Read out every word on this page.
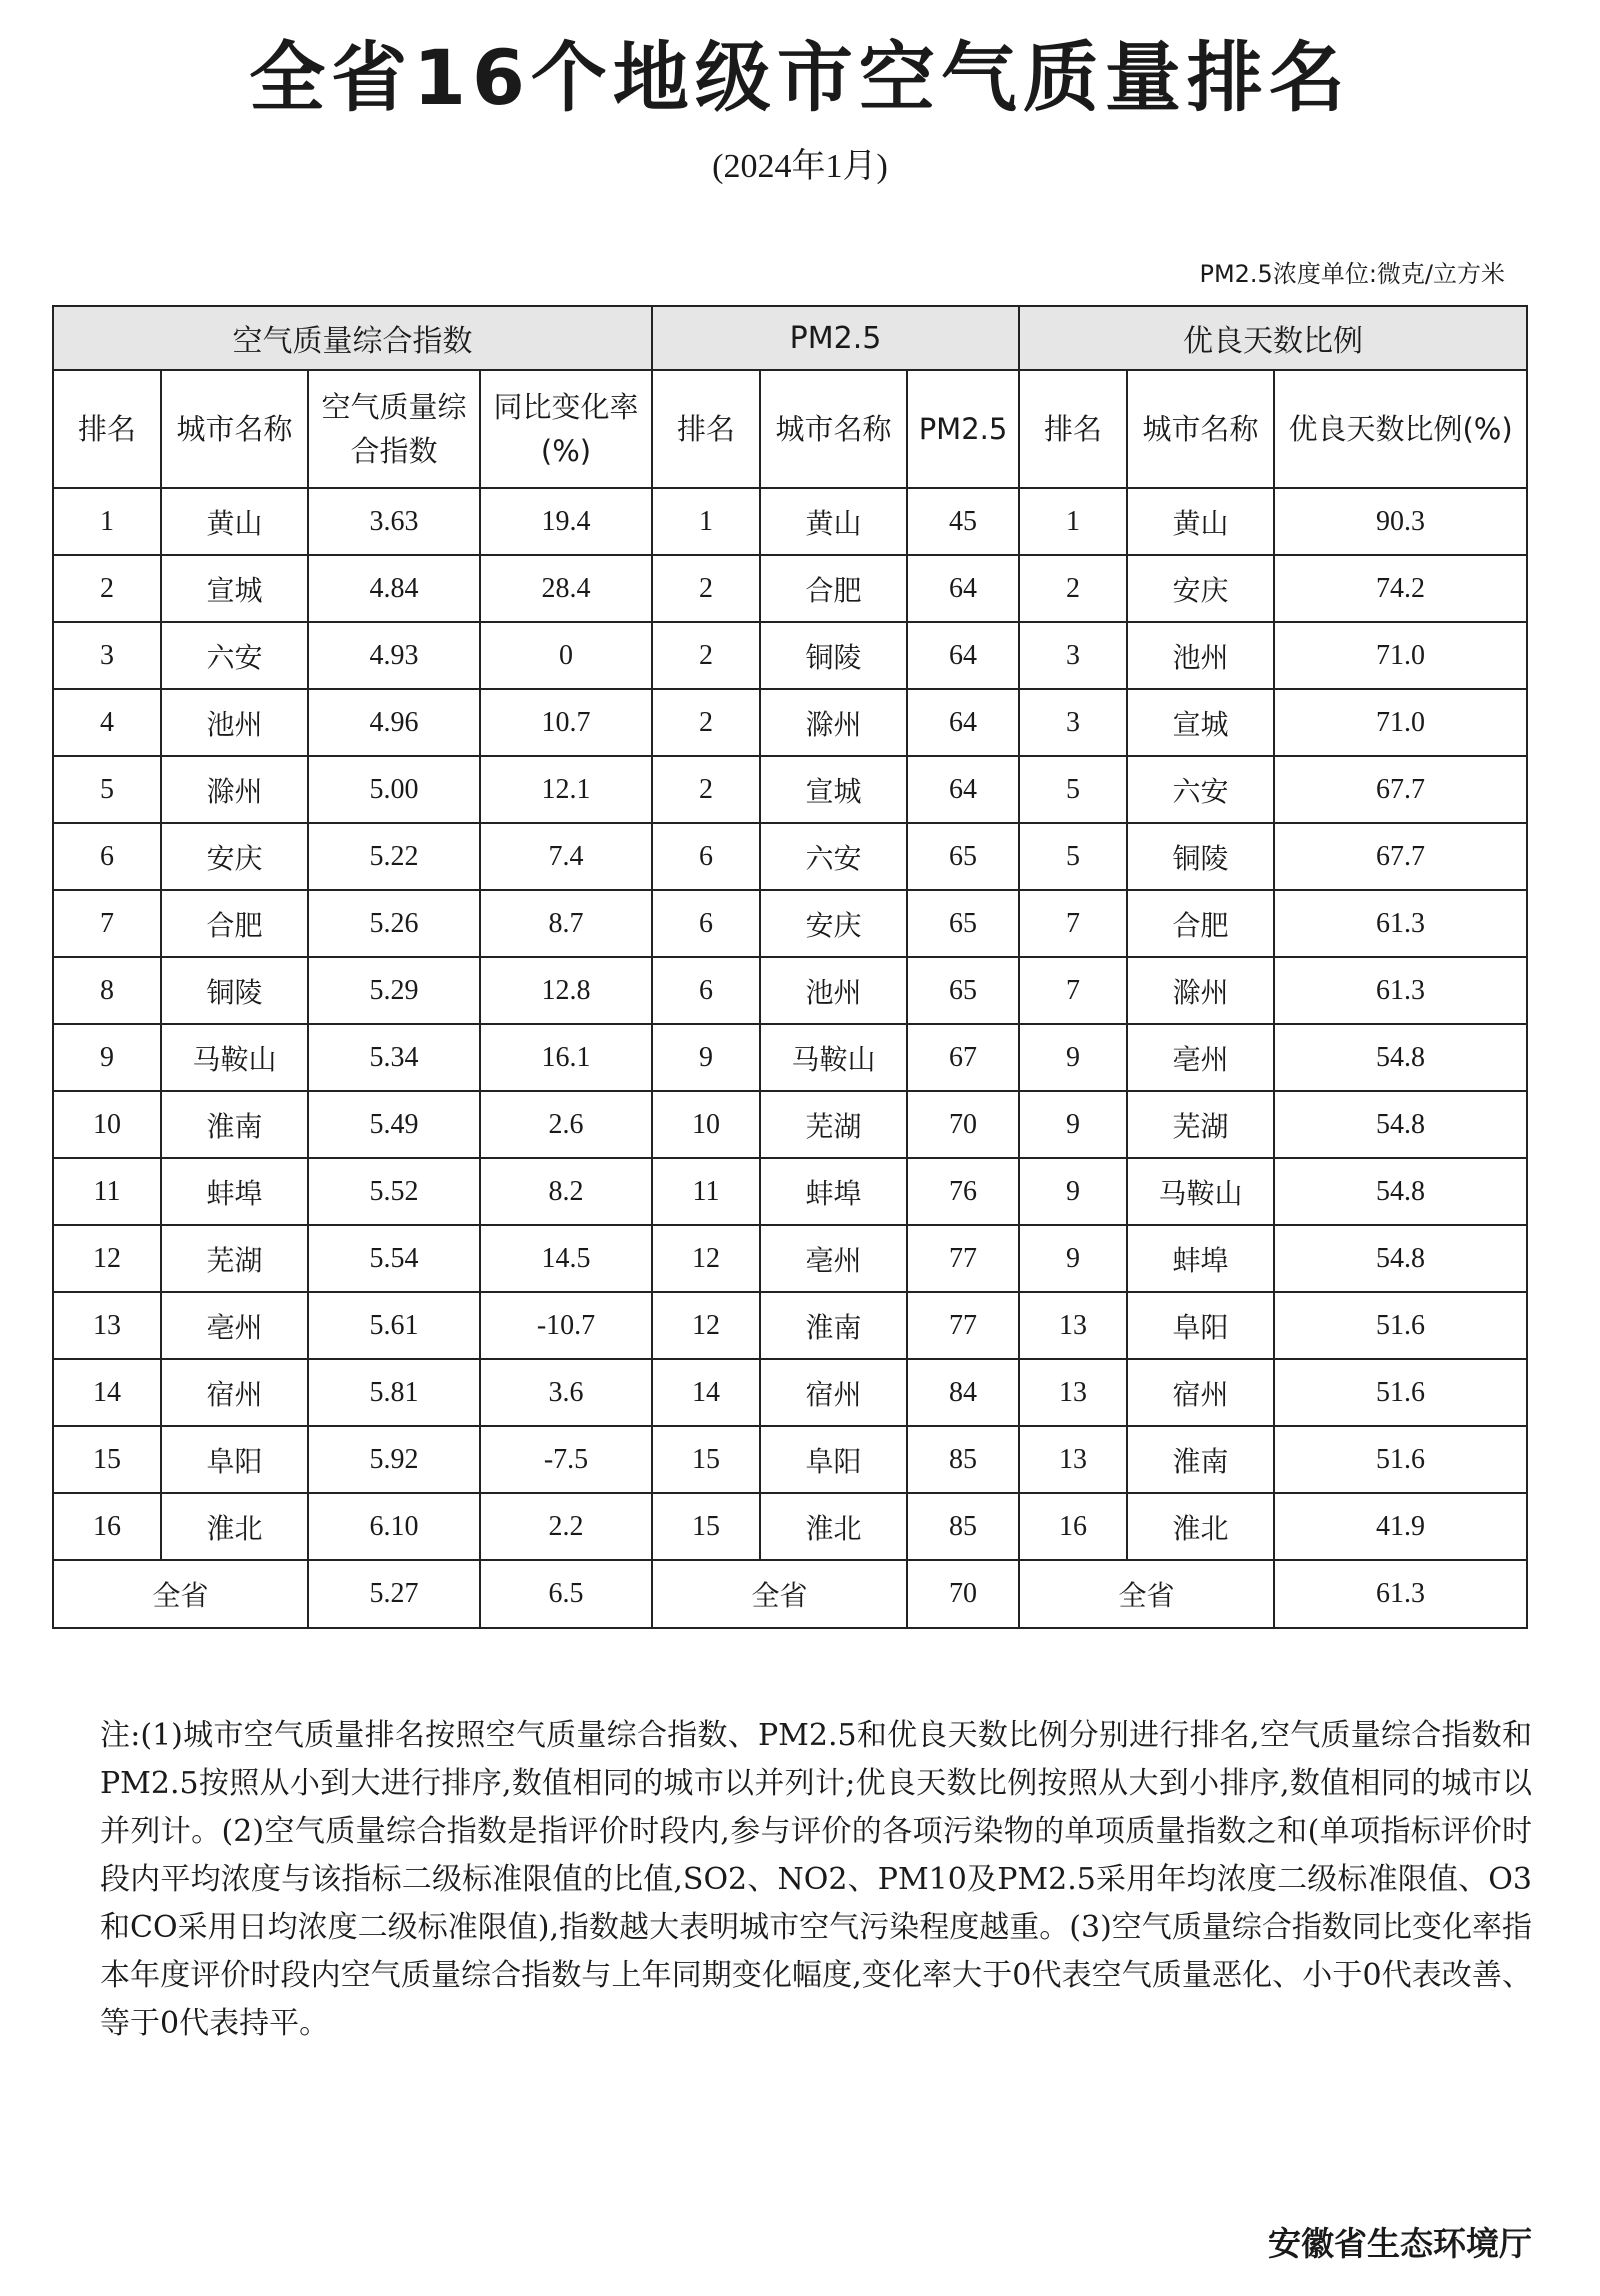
全省16个地级市空气质量排名
(2024年1月)
PM2.5浓度单位:微克/立方米
空气质量综合指数				PM2.5			优良天数比例		
排名	城市名称	空气质量综合指数	同比变化率(%)	排名	城市名称	PM2.5	排名	城市名称	优良天数比例(%)
1	黄山	3.63	19.4	1	黄山	45	1	黄山	90.3
2	宣城	4.84	28.4	2	合肥	64	2	安庆	74.2
3	六安	4.93	0	2	铜陵	64	3	池州	71.0
4	池州	4.96	10.7	2	滁州	64	3	宣城	71.0
5	滁州	5.00	12.1	2	宣城	64	5	六安	67.7
6	安庆	5.22	7.4	6	六安	65	5	铜陵	67.7
7	合肥	5.26	8.7	6	安庆	65	7	合肥	61.3
8	铜陵	5.29	12.8	6	池州	65	7	滁州	61.3
9	马鞍山	5.34	16.1	9	马鞍山	67	9	亳州	54.8
10	淮南	5.49	2.6	10	芜湖	70	9	芜湖	54.8
11	蚌埠	5.52	8.2	11	蚌埠	76	9	马鞍山	54.8
12	芜湖	5.54	14.5	12	亳州	77	9	蚌埠	54.8
13	亳州	5.61	-10.7	12	淮南	77	13	阜阳	51.6
14	宿州	5.81	3.6	14	宿州	84	13	宿州	51.6
15	阜阳	5.92	-7.5	15	阜阳	85	13	淮南	51.6
16	淮北	6.10	2.2	15	淮北	85	16	淮北	41.9
全省		5.27	6.5	全省		70	全省		61.3
注:(1)城市空气质量排名按照空气质量综合指数、PM2.5和优良天数比例分别进行排名,空气质量综合指数和PM2.5按照从小到大进行排序,数值相同的城市以并列计;优良天数比例按照从大到小排序,数值相同的城市以并列计。(2)空气质量综合指数是指评价时段内,参与评价的各项污染物的单项质量指数之和(单项指标评价时段内平均浓度与该指标二级标准限值的比值,SO2、NO2、PM10及PM2.5采用年均浓度二级标准限值、O3和CO采用日均浓度二级标准限值),指数越大表明城市空气污染程度越重。(3)空气质量综合指数同比变化率指本年度评价时段内空气质量综合指数与上年同期变化幅度,变化率大于0代表空气质量恶化、小于0代表改善、等于0代表持平。
安徽省生态环境厅
